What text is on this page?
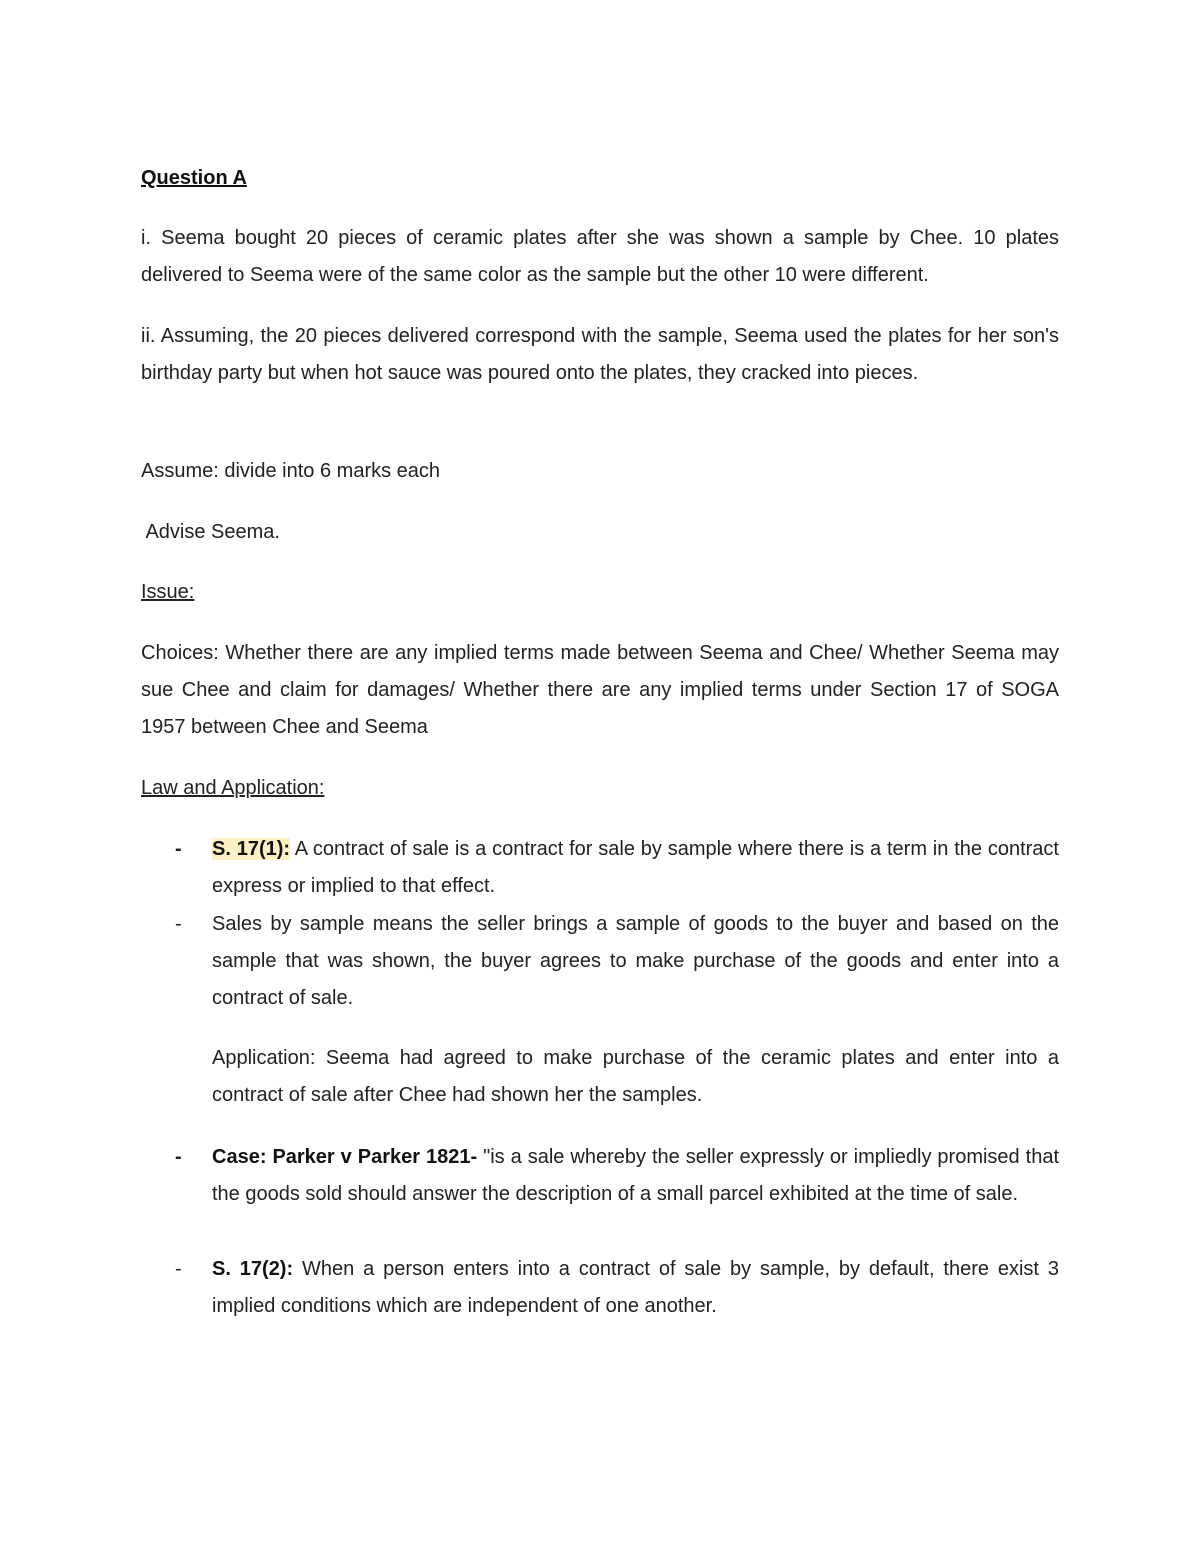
Question A

i. Seema bought 20 pieces of ceramic plates after she was shown a sample by Chee. 10 plates delivered to Seema were of the same color as the sample but the other 10 were different.

ii. Assuming, the 20 pieces delivered correspond with the sample, Seema used the plates for her son's birthday party but when hot sauce was poured onto the plates, they cracked into pieces.

Assume: divide into 6 marks each

Advise Seema.

Issue:

Choices: Whether there are any implied terms made between Seema and Chee/ Whether Seema may sue Chee and claim for damages/ Whether there are any implied terms under Section 17 of SOGA 1957 between Chee and Seema

Law and Application:
- S. 17(1): A contract of sale is a contract for sale by sample where there is a term in the contract express or implied to that effect.

- Sales by sample means the seller brings a sample of goods to the buyer and based on the sample that was shown, the buyer agrees to make purchase of the goods and enter into a contract of sale.

Application: Seema had agreed to make purchase of the ceramic plates and enter into a contract of sale after Chee had shown her the samples.

- Case: Parker v Parker 1821- "is a sale whereby the seller expressly or impliedly promised that the goods sold should answer the description of a small parcel exhibited at the time of sale.

- S. 17(2): When a person enters into a contract of sale by sample, by default, there exist 3 implied conditions which are independent of one another.
